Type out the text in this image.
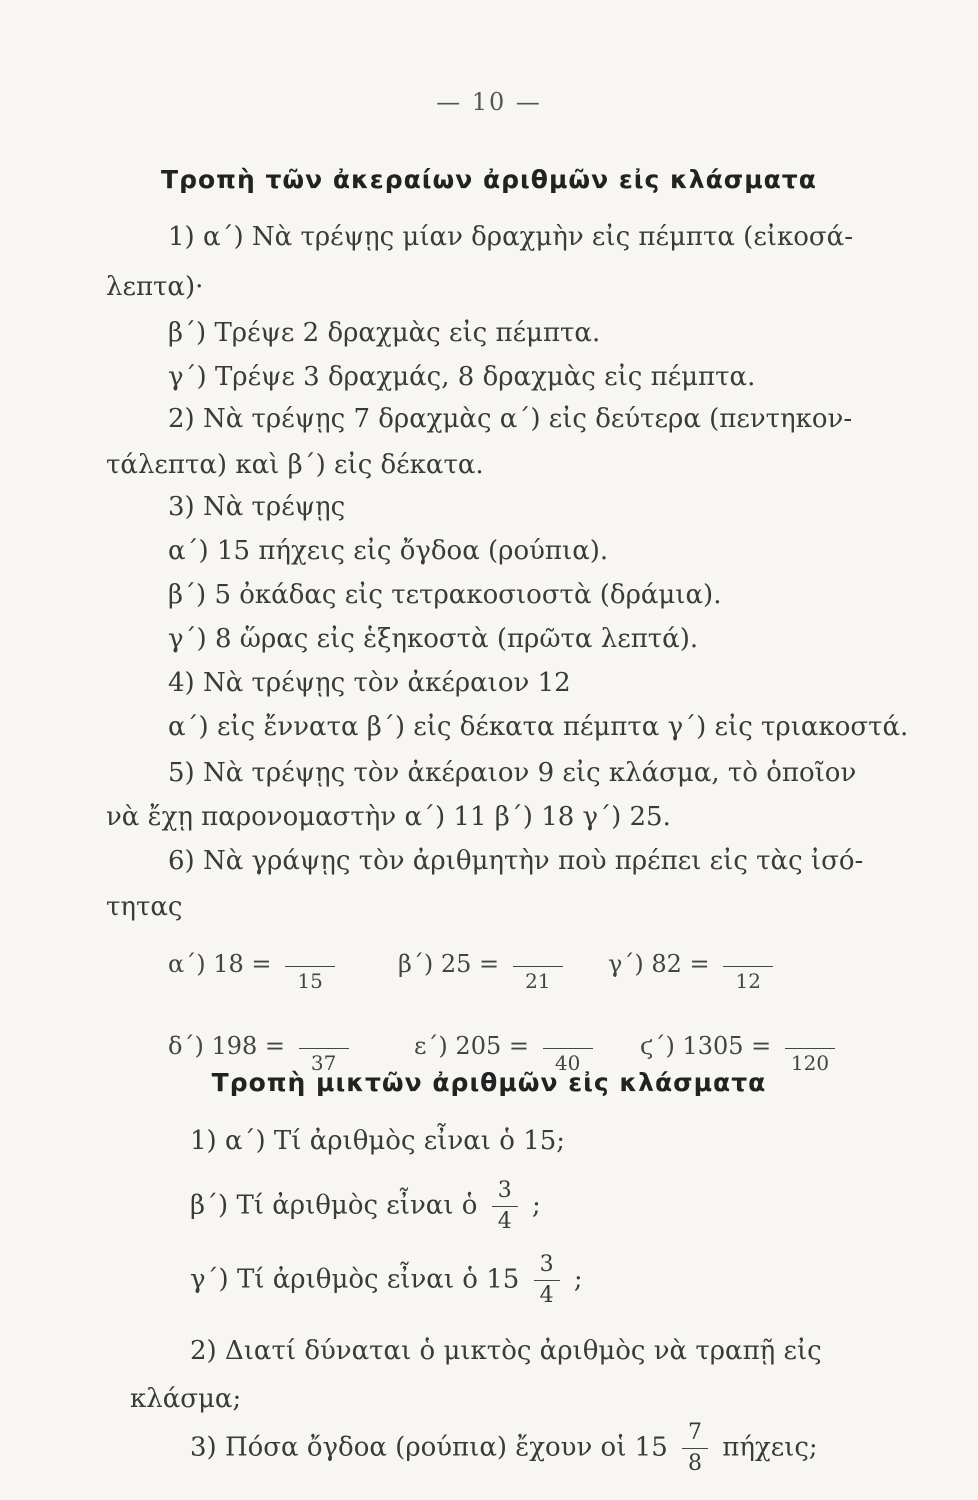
— 10 —
Τροπὴ τῶν ἀκεραίων ἀριθμῶν εἰς κλάσματα
1) α΄) Νὰ τρέψῃς μίαν δραχμὴν εἰς πέμπτα (εἰκοσά-
λεπτα)·
β΄) Τρέψε 2 δραχμὰς εἰς πέμπτα.
γ΄) Τρέψε 3 δραχμάς, 8 δραχμὰς εἰς πέμπτα.
2) Νὰ τρέψῃς 7 δραχμὰς α΄) εἰς δεύτερα (πεντηκον-
τάλεπτα) καὶ β΄) εἰς δέκατα.
3) Νὰ τρέψῃς
α΄) 15 πήχεις εἰς ὄγδοα (ρούπια).
β΄) 5 ὀκάδας εἰς τετρακοσιοστὰ (δράμια).
γ΄) 8 ὥρας εἰς ἑξηκοστὰ (πρῶτα λεπτά).
4) Νὰ τρέψῃς τὸν ἀκέραιον 12
α΄) εἰς ἔννατα β΄) εἰς δέκατα πέμπτα γ΄) εἰς τριακοστά.
5) Νὰ τρέψῃς τὸν ἀκέραιον 9 εἰς κλάσμα, τὸ ὁποῖον
νὰ ἔχῃ παρονομαστὴν α΄) 11 β΄) 18 γ΄) 25.
6) Νὰ γράψῃς τὸν ἀριθμητὴν ποὺ πρέπει εἰς τὰς ἰσό-
τητας
α΄) 18 =
15
β΄) 25 =
21
γ΄) 82 =
12
δ΄) 198 =
37
ε΄) 205 =
40
ϛ΄) 1305 =
120
Τροπὴ μικτῶν ἀριθμῶν εἰς κλάσματα
1) α΄) Τί ἀριθμὸς εἶναι ὁ 15;
β΄) Τί ἀριθμὸς εἶναι ὁ $\frac{3}{4}$ ;
γ΄) Τί ἀριθμὸς εἶναι ὁ $15 \frac{3}{4}$ ;
2) Διατί δύναται ὁ μικτὸς ἀριθμὸς νὰ τραπῇ εἰς
κλάσμα;
3) Πόσα ὄγδοα (ρούπια) ἔχουν οἱ $15 \frac{7}{8} \pi ή\chi\varepsilon\iota\varsigma$;
